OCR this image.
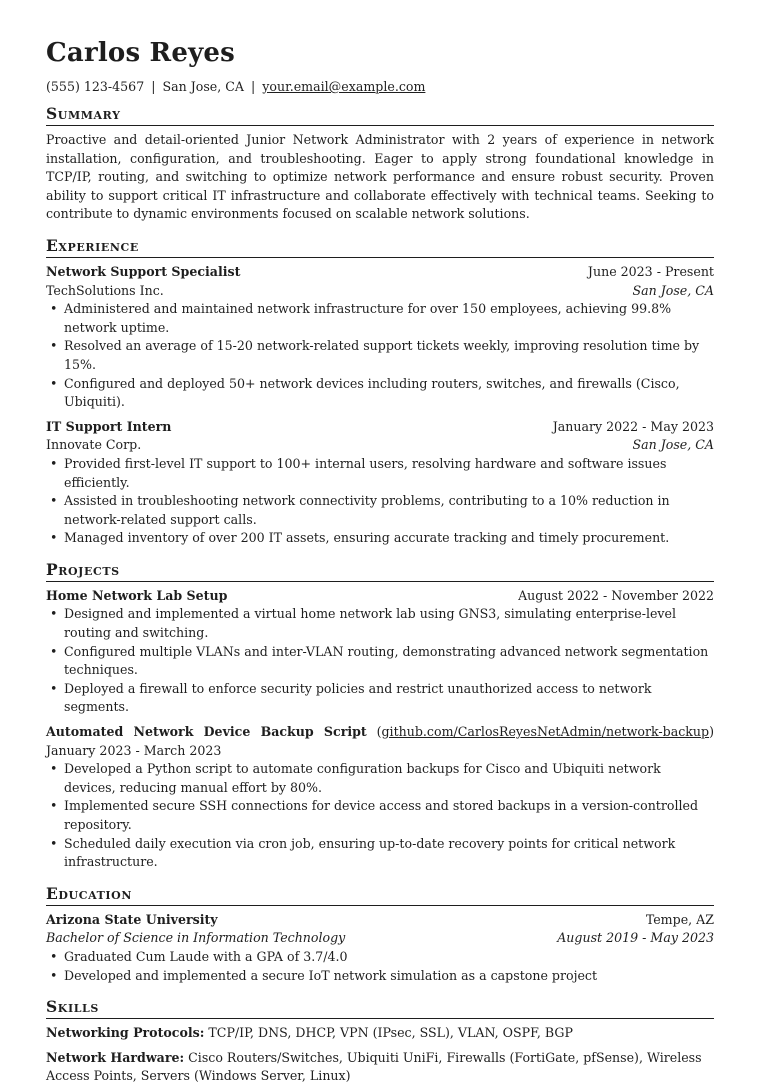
Carlos Reyes
(555) 123-4567 | San Jose, CA | your.email@example.com
Summary
Proactive and detail-oriented Junior Network Administrator with 2 years of experience in network installation, configuration, and troubleshooting. Eager to apply strong foundational knowledge in TCP/IP, routing, and switching to optimize network performance and ensure robust security. Proven ability to support critical IT infrastructure and collaborate effectively with technical teams. Seeking to contribute to dynamic environments focused on scalable network solutions.
Experience
Network Support Specialist	June 2023 - Present
TechSolutions Inc.	San Jose, CA
• Administered and maintained network infrastructure for over 150 employees, achieving 99.8% network uptime.
• Resolved an average of 15-20 network-related support tickets weekly, improving resolution time by 15%.
• Configured and deployed 50+ network devices including routers, switches, and firewalls (Cisco, Ubiquiti).
IT Support Intern	January 2022 - May 2023
Innovate Corp.	San Jose, CA
• Provided first-level IT support to 100+ internal users, resolving hardware and software issues efficiently.
• Assisted in troubleshooting network connectivity problems, contributing to a 10% reduction in network-related support calls.
• Managed inventory of over 200 IT assets, ensuring accurate tracking and timely procurement.
Projects
Home Network Lab Setup	August 2022 - November 2022
• Designed and implemented a virtual home network lab using GNS3, simulating enterprise-level routing and switching.
• Configured multiple VLANs and inter-VLAN routing, demonstrating advanced network segmentation techniques.
• Deployed a firewall to enforce security policies and restrict unauthorized access to network segments.
Automated Network Device Backup Script (github.com/CarlosReyesNetAdmin/network-backup) January 2023 - March 2023
• Developed a Python script to automate configuration backups for Cisco and Ubiquiti network devices, reducing manual effort by 80%.
• Implemented secure SSH connections for device access and stored backups in a version-controlled repository.
• Scheduled daily execution via cron job, ensuring up-to-date recovery points for critical network infrastructure.
Education
Arizona State University	Tempe, AZ
Bachelor of Science in Information Technology	August 2019 - May 2023
• Graduated Cum Laude with a GPA of 3.7/4.0
• Developed and implemented a secure IoT network simulation as a capstone project
Skills
Networking Protocols: TCP/IP, DNS, DHCP, VPN (IPsec, SSL), VLAN, OSPF, BGP
Network Hardware: Cisco Routers/Switches, Ubiquiti UniFi, Firewalls (FortiGate, pfSense), Wireless Access Points, Servers (Windows Server, Linux)
